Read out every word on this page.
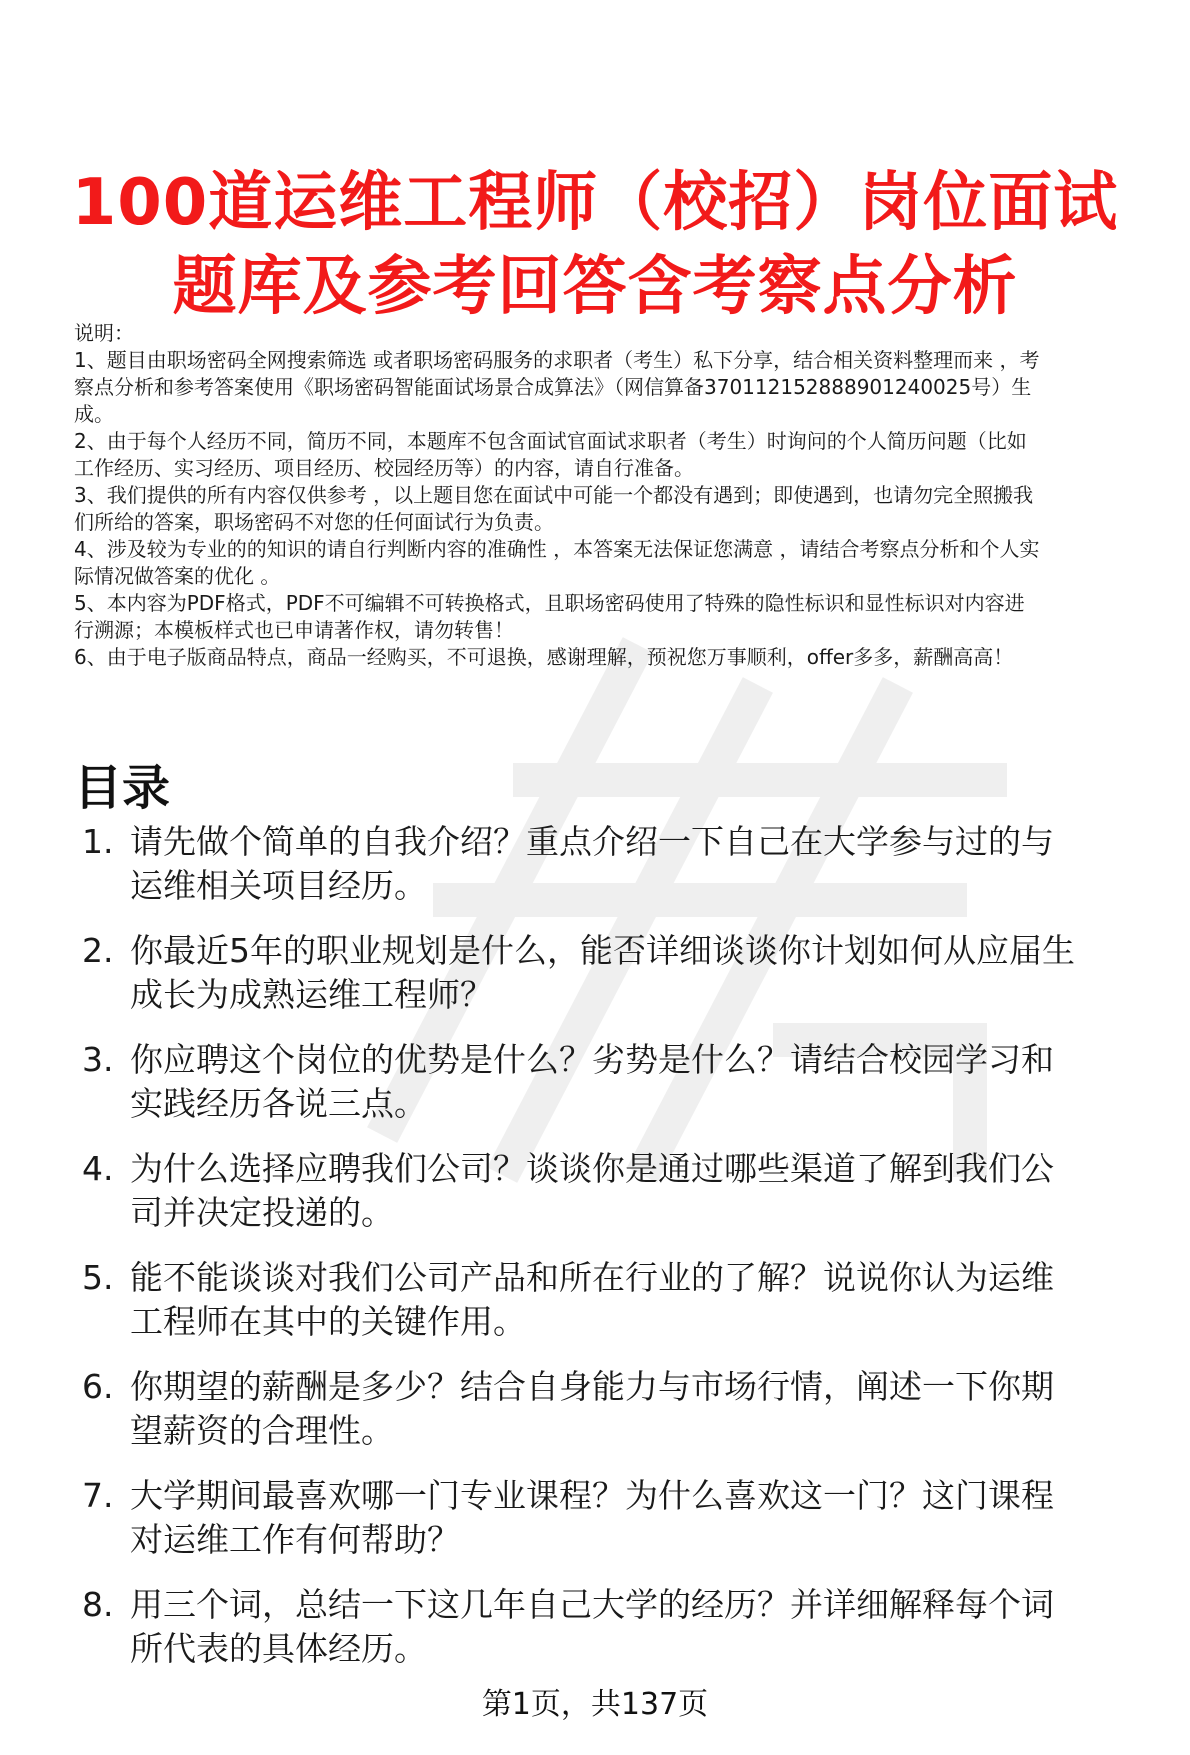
100道运维工程师（校招）岗位面试
题库及参考回答含考察点分析

说明：

1、题目由职场密码全网搜索筛选 或者职场密码服务的求职者（考生）私下分享，结合相关资料整理而来 ，考

察点分析和参考答案使用《职场密码智能面试场景合成算法》（网信算备370112152888901240025号）生

成。

2、由于每个人经历不同，简历不同，本题库不包含面试官面试求职者（考生）时询问的个人简历问题（比如

工作经历、实习经历、项目经历、校园经历等）的内容，请自行准备。

3、我们提供的所有内容仅供参考 ，以上题目您在面试中可能一个都没有遇到；即使遇到，也请勿完全照搬我

们所给的答案，职场密码不对您的任何面试行为负责。

4、涉及较为专业的的知识的请自行判断内容的准确性 ，本答案无法保证您满意 ，请结合考察点分析和个人实

际情况做答案的优化 。

5、本内容为PDF格式，PDF不可编辑不可转换格式，且职场密码使用了特殊的隐性标识和显性标识对内容进

行溯源；本模板样式也已申请著作权，请勿转售！

6、由于电子版商品特点，商品一经购买，不可退换，感谢理解，预祝您万事顺利，offer多多，薪酬高高！

目录
1. 请先做个简单的自我介绍？重点介绍一下自己在大学参与过的与
运维相关项目经历。
2. 你最近5年的职业规划是什么，能否详细谈谈你计划如何从应届生
成长为成熟运维工程师？
3. 你应聘这个岗位的优势是什么？劣势是什么？请结合校园学习和
实践经历各说三点。
4. 为什么选择应聘我们公司？谈谈你是通过哪些渠道了解到我们公
司并决定投递的。
5. 能不能谈谈对我们公司产品和所在行业的了解？说说你认为运维
工程师在其中的关键作用。
6. 你期望的薪酬是多少？结合自身能力与市场行情，阐述一下你期
望薪资的合理性。
7. 大学期间最喜欢哪一门专业课程？为什么喜欢这一门？这门课程
对运维工作有何帮助？
8. 用三个词，总结一下这几年自己大学的经历？并详细解释每个词
所代表的具体经历。
第1页，共137页
